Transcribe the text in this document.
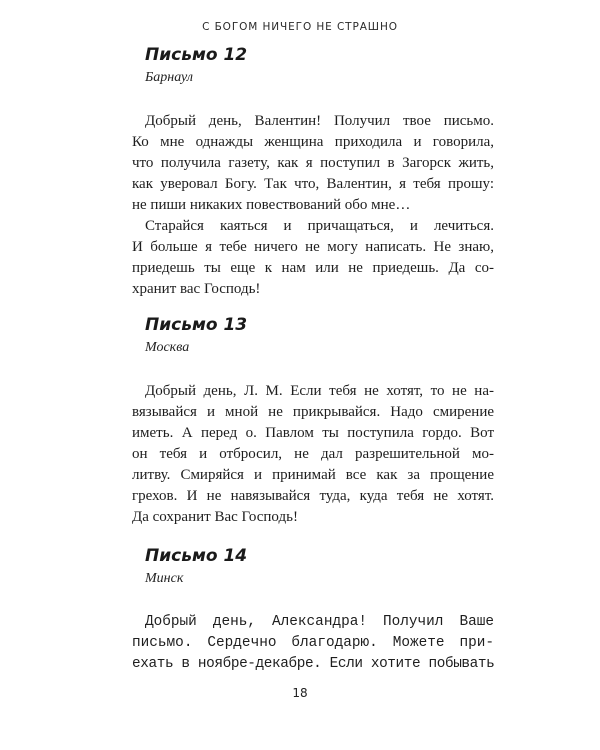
С БОГОМ НИЧЕГО НЕ СТРАШНО
Письмо 12
Барнаул
Добрый день, Валентин! Получил твое письмо.
Ко мне однажды женщина приходила и говорила,
что получила газету, как я поступил в Загорск жить,
как уверовал Богу. Так что, Валентин, я тебя прошу:
не пиши никаких повествований обо мне…
Старайся каяться и причащаться, и лечиться.
И больше я тебе ничего не могу написать. Не знаю,
приедешь ты еще к нам или не приедешь. Да со-
хранит вас Господь!
Письмо 13
Москва
Добрый день, Л. М. Если тебя не хотят, то не на-
вязывайся и мной не прикрывайся. Надо смирение
иметь. А перед о. Павлом ты поступила гордо. Вот
он тебя и отбросил, не дал разрешительной мо-
литву. Смиряйся и принимай все как за прощение
грехов. И не навязывайся туда, куда тебя не хотят.
Да сохранит Вас Господь!
Письмо 14
Минск
Добрый день, Александра! Получил Ваше
письмо. Сердечно благодарю. Можете при-
ехать в ноябре-декабре. Если хотите побывать
18
